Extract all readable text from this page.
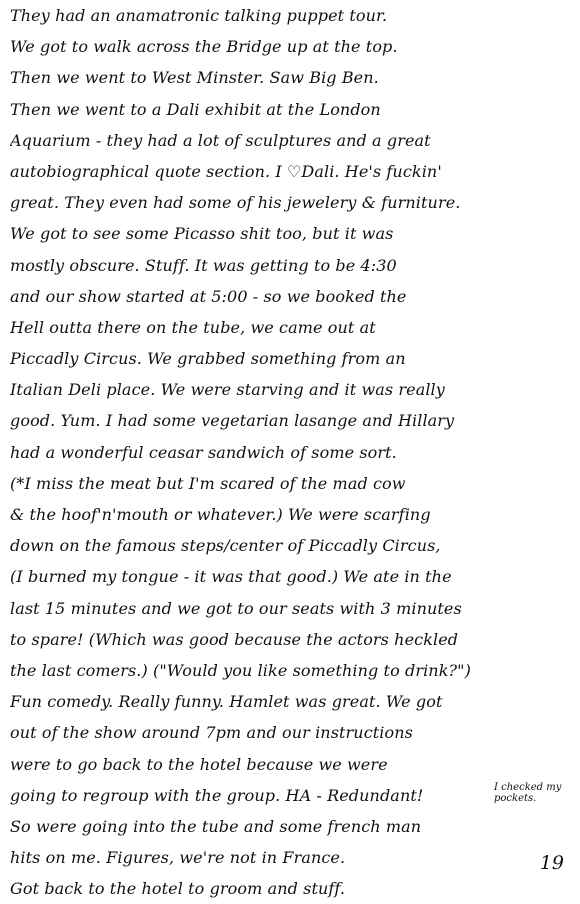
They had an anamatronic talking puppet tour.
We got to walk across the Bridge up at the top.
Then we went to West Minster. Saw Big Ben.
Then we went to a Dali exhibit at the London
Aquarium - they had a lot of sculptures and a great
autobiographical quote section. I ♡Dali. He's fuckin'
great. They even had some of his jewelery & furniture.
We got to see some Picasso shit too, but it was
mostly obscure. Stuff. It was getting to be 4:30
and our show started at 5:00 - so we booked the
Hell outta there on the tube, we came out at
Piccadly Circus. We grabbed something from an
Italian Deli place. We were starving and it was really
good. Yum. I had some vegetarian lasange and Hillary
had a wonderful ceasar sandwich of some sort.
(*I miss the meat but I'm scared of the mad cow
& the hoof'n'mouth or whatever.) We were scarfing
down on the famous steps/center of Piccadly Circus,
(I burned my tongue - it was that good.) We ate in the
last 15 minutes and we got to our seats with 3 minutes
to spare! (Which was good because the actors heckled
the last comers.) ("Would you like something to drink?")
Fun comedy. Really funny. Hamlet was great. We got
out of the show around 7pm and our instructions
were to go back to the hotel because we were
going to regroup with the group. HA - Redundant!
So were going into the tube and some french man
hits on me. Figures, we're not in France.
Got back to the hotel to groom and stuff.
I checked my pockets.
19
